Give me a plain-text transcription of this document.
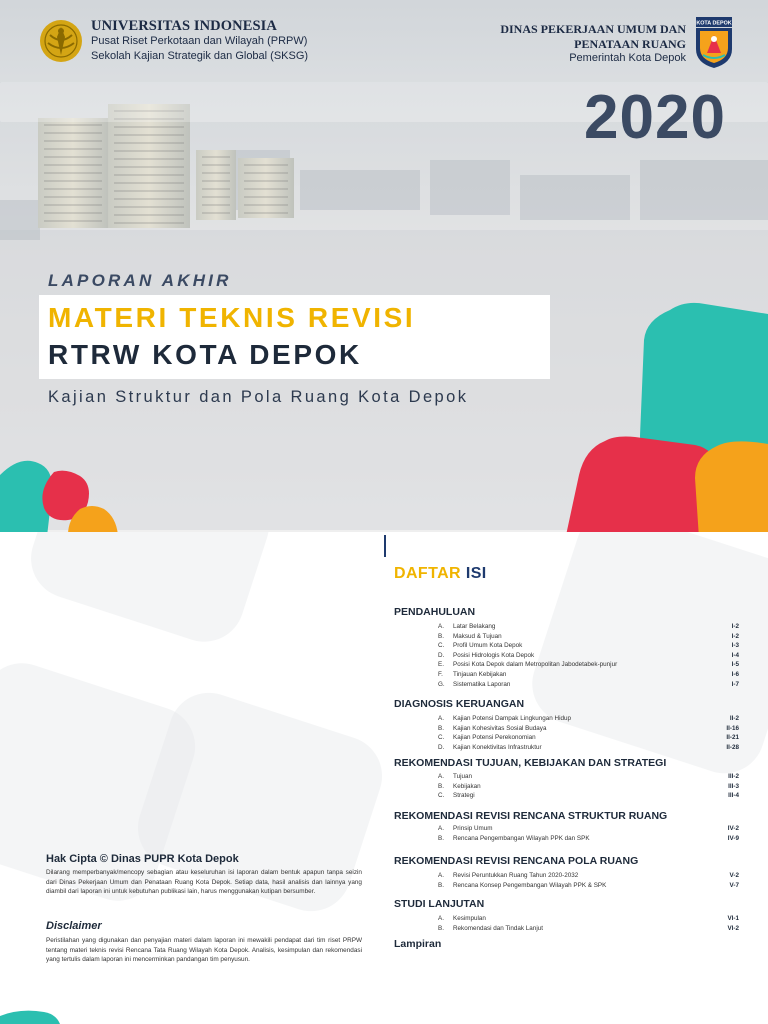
UNIVERSITAS INDONESIA
Pusat Riset Perkotaan dan Wilayah (PRPW)
Sekolah Kajian Strategik dan Global (SKSG)
DINAS PEKERJAAN UMUM DAN
PENATAAN RUANG
Pemerintah Kota Depok
KOTA DEPOK
2020
LAPORAN AKHIR
MATERI TEKNIS REVISI
RTRW KOTA DEPOK
Kajian Struktur dan Pola Ruang Kota Depok
DAFTAR ISI
PENDAHULUAN
A. Latar Belakang	I-2
B. Maksud & Tujuan	I-2
C. Profil Umum Kota Depok	I-3
D. Posisi Hidrologis Kota Depok	I-4
E. Posisi Kota Depok dalam Metropolitan Jabodetabek-punjur	I-5
F. Tinjauan Kebijakan	I-6
G. Sistematika Laporan	I-7
DIAGNOSIS KERUANGAN
A. Kajian Potensi Dampak Lingkungan Hidup	II-2
B. Kajian Kohesivitas Sosial Budaya	II-16
C. Kajian Potensi Perekonomian	II-21
D. Kajian Konektivitas Infrastruktur	II-28
REKOMENDASI TUJUAN, KEBIJAKAN DAN STRATEGI
A. Tujuan	III-2
B. Kebijakan	III-3
C. Strategi	III-4
REKOMENDASI REVISI RENCANA STRUKTUR RUANG
A. Prinsip Umum	IV-2
B. Rencana Pengembangan Wilayah PPK dan SPK	IV-9
REKOMENDASI REVISI RENCANA POLA RUANG
A. Revisi Peruntukkan Ruang Tahun 2020-2032	V-2
B. Rencana Konsep Pengembangan Wilayah PPK & SPK	V-7
STUDI LANJUTAN
A. Kesimpulan	VI-1
B. Rekomendasi dan Tindak Lanjut	VI-2
Lampiran
Hak Cipta © Dinas PUPR Kota Depok
Dilarang memperbanyak/mencopy sebagian atau keseluruhan isi laporan dalam bentuk apapun tanpa seizin dari Dinas Pekerjaan Umum dan Penataan Ruang Kota Depok. Setiap data, hasil analisis dan lainnya yang diambil dari laporan ini untuk kebutuhan publikasi lain, harus menggunakan kutipan bersumber.
Disclaimer
Peristilahan yang digunakan dan penyajian materi dalam laporan ini mewakili pendapat dari tim riset PRPW tentang materi teknis revisi Rencana Tata Ruang Wilayah Kota Depok. Analisis, kesimpulan dan rekomendasi yang tertulis dalam laporan ini mencerminkan pandangan tim penyusun.
